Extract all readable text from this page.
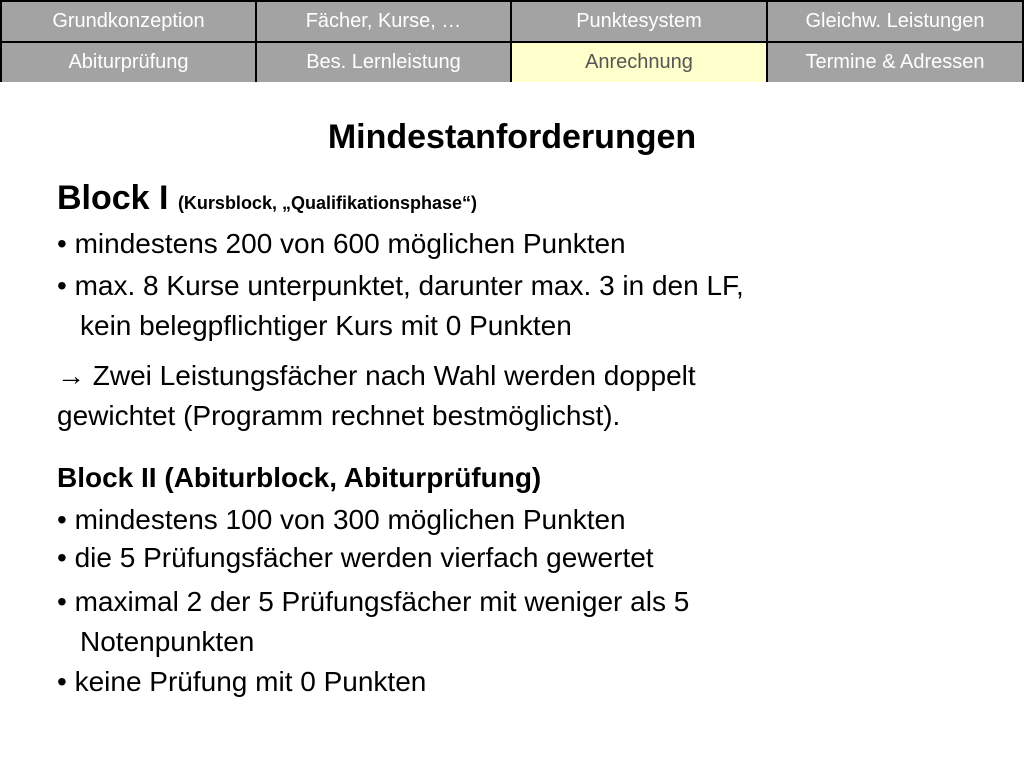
Grundkonzeption	Fächer, Kurse, …	Punktesystem	Gleichw. Leistungen
Abiturprüfung	Bes. Lernleistung	Anrechnung	Termine & Adressen
Mindestanforderungen
Block I (Kursblock, „Qualifikationsphase“)
• mindestens 200 von 600 möglichen Punkten
• max. 8 Kurse unterpunktet, darunter max. 3 in den LF,
kein belegpflichtiger Kurs mit 0 Punkten
→ Zwei Leistungsfächer nach Wahl werden doppelt
gewichtet (Programm rechnet bestmöglichst).
Block II (Abiturblock, Abiturprüfung)
• mindestens 100 von 300 möglichen Punkten
• die 5 Prüfungsfächer werden vierfach gewertet
• maximal 2 der 5 Prüfungsfächer mit weniger als 5
Notenpunkten
• keine Prüfung mit 0 Punkten
